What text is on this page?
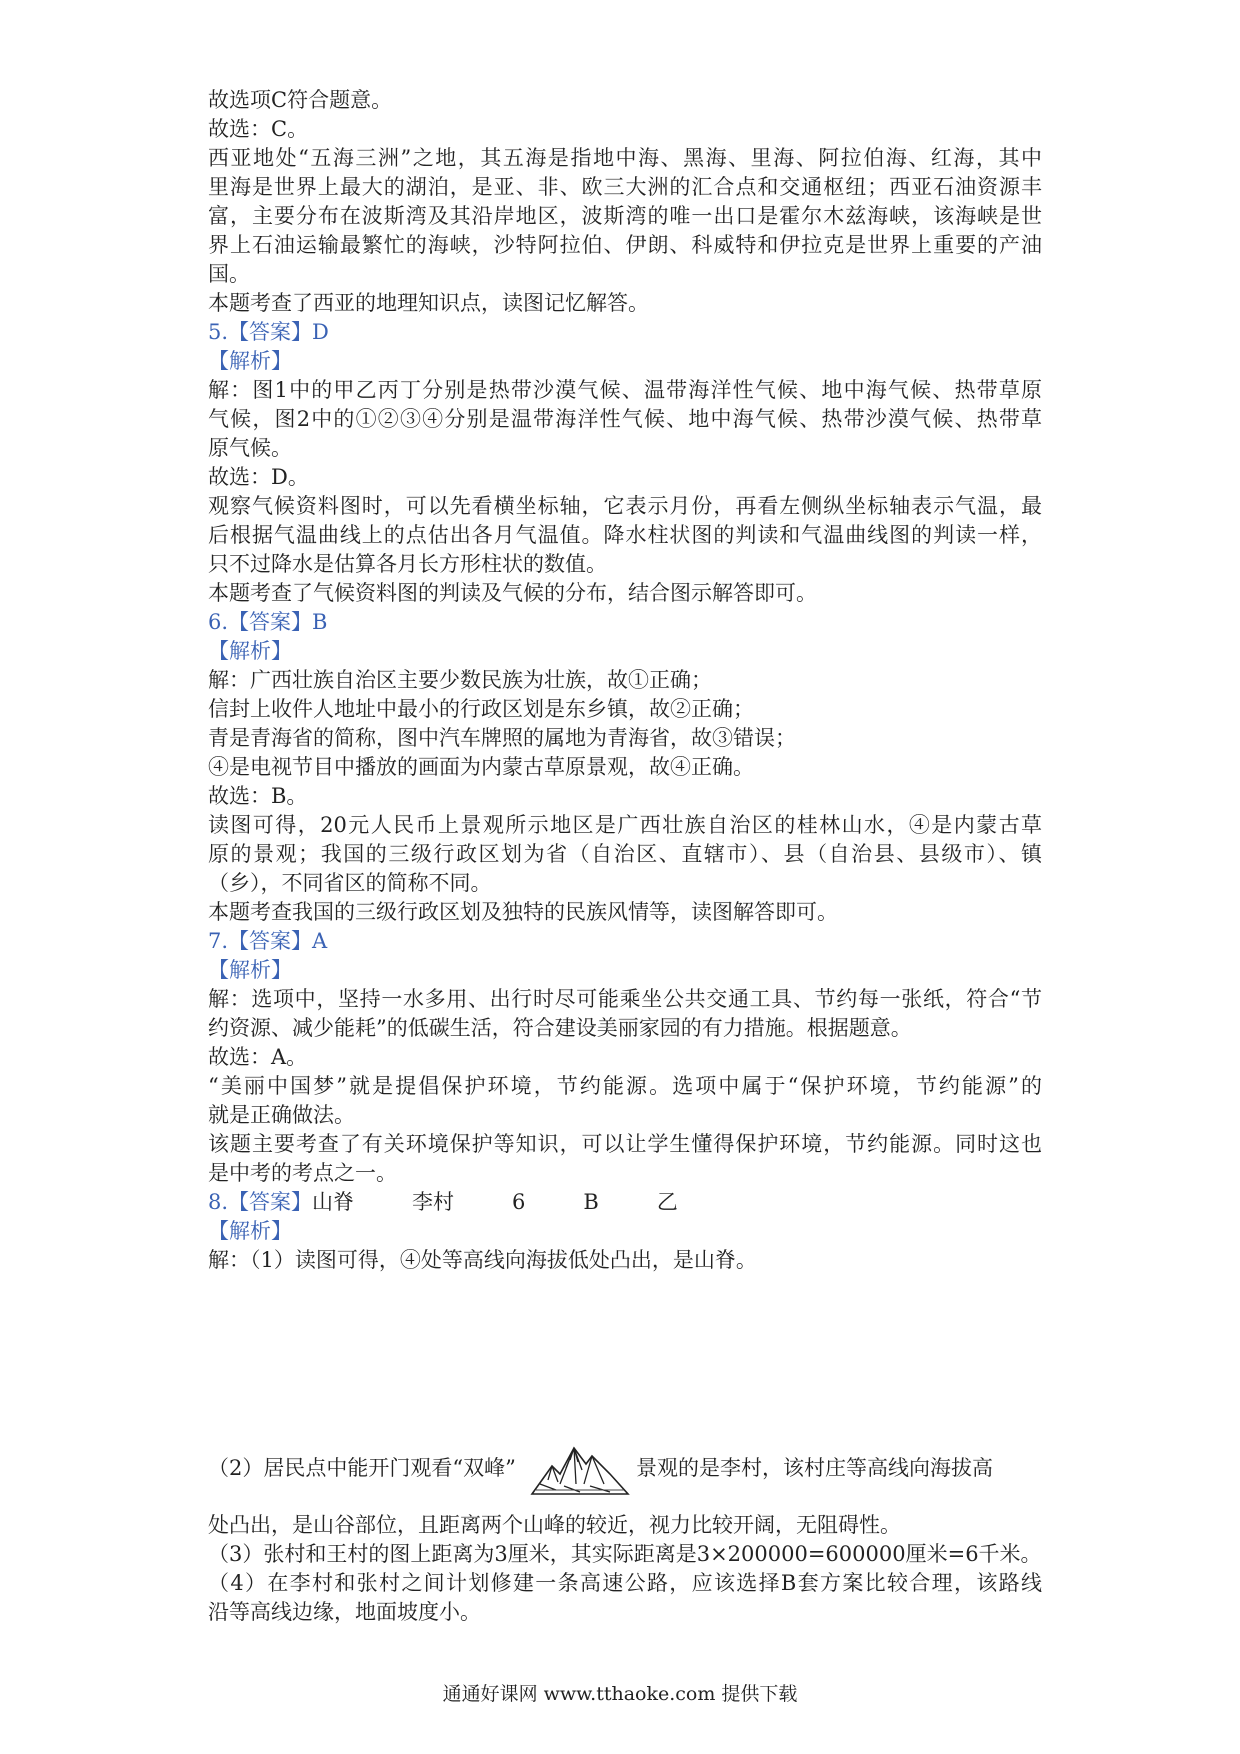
故选项C符合题意。
故选：C。
西亚地处“五海三洲”之地，其五海是指地中海、黑海、里海、阿拉伯海、红海，其中
里海是世界上最大的湖泊，是亚、非、欧三大洲的汇合点和交通枢纽；西亚石油资源丰
富，主要分布在波斯湾及其沿岸地区，波斯湾的唯一出口是霍尔木兹海峡，该海峡是世
界上石油运输最繁忙的海峡，沙特阿拉伯、伊朗、科威特和伊拉克是世界上重要的产油
国。
本题考查了西亚的地理知识点，读图记忆解答。
5.【答案】D
【解析】
解：图1中的甲乙丙丁分别是热带沙漠气候、温带海洋性气候、地中海气候、热带草原
气候，图2中的①②③④分别是温带海洋性气候、地中海气候、热带沙漠气候、热带草
原气候。
故选：D。
观察气候资料图时，可以先看横坐标轴，它表示月份，再看左侧纵坐标轴表示气温，最
后根据气温曲线上的点估出各月气温值。降水柱状图的判读和气温曲线图的判读一样，
只不过降水是估算各月长方形柱状的数值。
本题考查了气候资料图的判读及气候的分布，结合图示解答即可。
6.【答案】B
【解析】
解：广西壮族自治区主要少数民族为壮族，故①正确；
信封上收件人地址中最小的行政区划是东乡镇，故②正确；
青是青海省的简称，图中汽车牌照的属地为青海省，故③错误；
④是电视节目中播放的画面为内蒙古草原景观，故④正确。
故选：B。
读图可得，20元人民币上景观所示地区是广西壮族自治区的桂林山水，④是内蒙古草
原的景观；我国的三级行政区划为省（自治区、直辖市）、县（自治县、县级市）、镇
（乡），不同省区的简称不同。
本题考查我国的三级行政区划及独特的民族风情等，读图解答即可。
7.【答案】A
【解析】
解：选项中，坚持一水多用、出行时尽可能乘坐公共交通工具、节约每一张纸，符合“节
约资源、减少能耗”的低碳生活，符合建设美丽家园的有力措施。根据题意。
故选：A。
“美丽中国梦”就是提倡保护环境，节约能源。选项中属于“保护环境，节约能源”的
就是正确做法。
该题主要考查了有关环境保护等知识，可以让学生懂得保护环境，节约能源。同时这也
是中考的考点之一。
8.【答案】山脊	李村	6	B	乙
【解析】
解：（1）读图可得，④处等高线向海拔低处凸出，是山脊。
（2）居民点中能开门观看“双峰”	景观的是李村，该村庄等高线向海拔高
处凸出，是山谷部位，且距离两个山峰的较近，视力比较开阔，无阻碍性。
（3）张村和王村的图上距离为3厘米，其实际距离是3×200000=600000厘米=6千米。
（4）在李村和张村之间计划修建一条高速公路，应该选择B套方案比较合理，该路线
沿等高线边缘，地面坡度小。
通通好课网 www.tthaoke.com 提供下载
